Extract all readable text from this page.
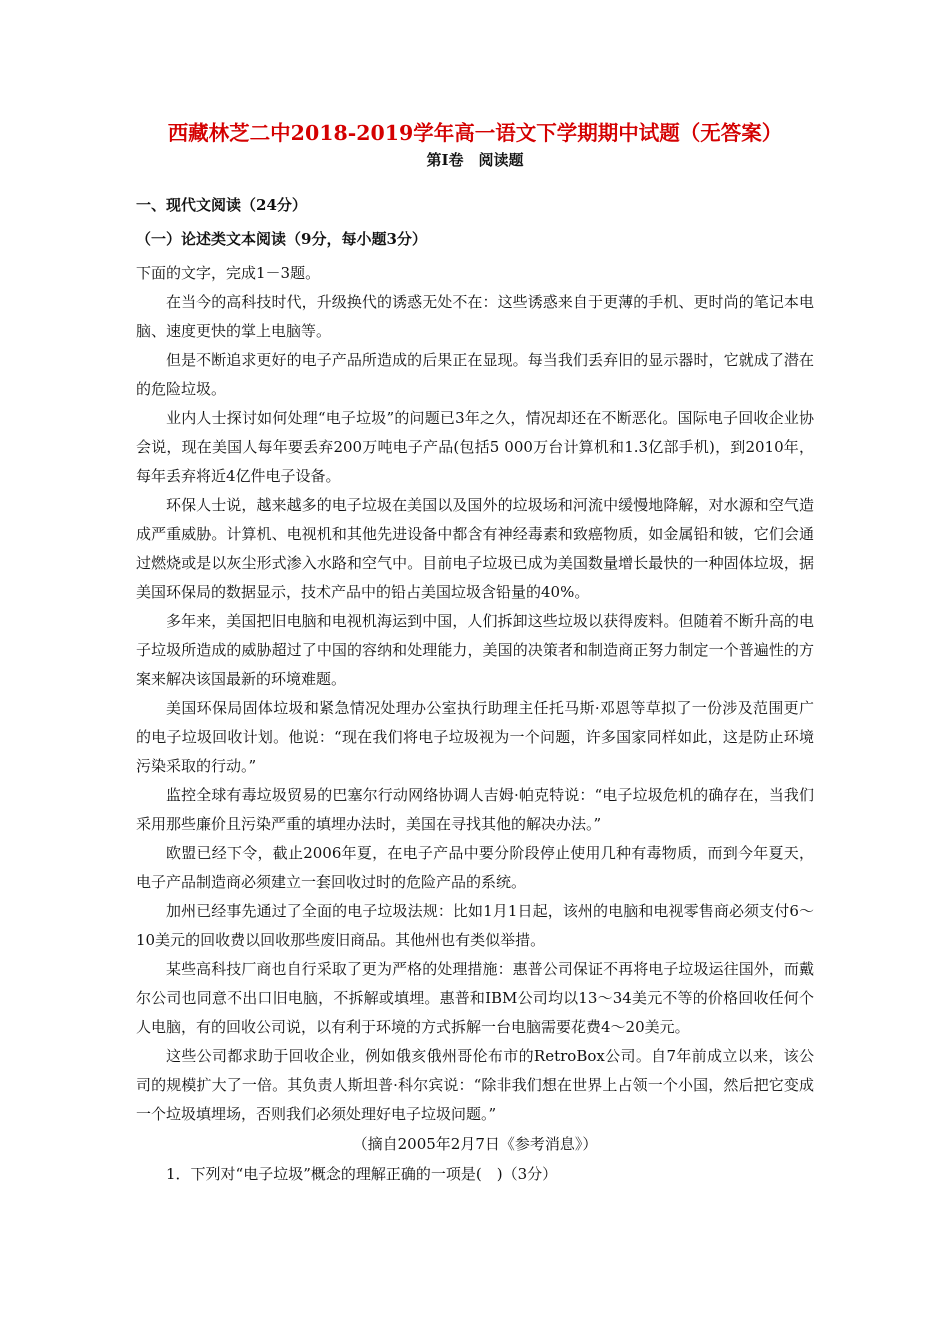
西藏林芝二中2018-2019学年高一语文下学期期中试题（无答案）
第Ⅰ卷　阅读题
一、现代文阅读（24分）
（一）论述类文本阅读（9分，每小题3分）
下面的文字，完成1－3题。

在当今的高科技时代，升级换代的诱惑无处不在：这些诱惑来自于更薄的手机、更时尚的笔记本电脑、速度更快的掌上电脑等。

但是不断追求更好的电子产品所造成的后果正在显现。每当我们丢弃旧的显示器时，它就成了潜在的危险垃圾。

业内人士探讨如何处理“电子垃圾”的问题已3年之久，情况却还在不断恶化。国际电子回收企业协会说，现在美国人每年要丢弃200万吨电子产品(包括5 000万台计算机和1.3亿部手机)，到2010年，每年丢弃将近4亿件电子设备。

环保人士说，越来越多的电子垃圾在美国以及国外的垃圾场和河流中缓慢地降解，对水源和空气造成严重威胁。计算机、电视机和其他先进设备中都含有神经毒素和致癌物质，如金属铅和铍，它们会通过燃烧或是以灰尘形式渗入水路和空气中。目前电子垃圾已成为美国数量增长最快的一种固体垃圾，据美国环保局的数据显示，技术产品中的铅占美国垃圾含铅量的40%。

多年来，美国把旧电脑和电视机海运到中国，人们拆卸这些垃圾以获得废料。但随着不断升高的电子垃圾所造成的威胁超过了中国的容纳和处理能力，美国的决策者和制造商正努力制定一个普遍性的方案来解决该国最新的环境难题。

美国环保局固体垃圾和紧急情况处理办公室执行助理主任托马斯·邓恩等草拟了一份涉及范围更广的电子垃圾回收计划。他说：“现在我们将电子垃圾视为一个问题，许多国家同样如此，这是防止环境污染采取的行动。”

监控全球有毒垃圾贸易的巴塞尔行动网络协调人吉姆·帕克特说：“电子垃圾危机的确存在，当我们采用那些廉价且污染严重的填埋办法时，美国在寻找其他的解决办法。”

欧盟已经下令，截止2006年夏，在电子产品中要分阶段停止使用几种有毒物质，而到今年夏天，电子产品制造商必须建立一套回收过时的危险产品的系统。

加州已经事先通过了全面的电子垃圾法规：比如1月1日起，该州的电脑和电视零售商必须支付6～10美元的回收费以回收那些废旧商品。其他州也有类似举措。

某些高科技厂商也自行采取了更为严格的处理措施：惠普公司保证不再将电子垃圾运往国外，而戴尔公司也同意不出口旧电脑，不拆解或填埋。惠普和IBM公司均以13～34美元不等的价格回收任何个人电脑，有的回收公司说，以有利于环境的方式拆解一台电脑需要花费4～20美元。

这些公司都求助于回收企业，例如俄亥俄州哥伦布市的RetroBox公司。自7年前成立以来，该公司的规模扩大了一倍。其负责人斯坦普·科尔宾说：“除非我们想在世界上占领一个小国，然后把它变成一个垃圾填埋场，否则我们必须处理好电子垃圾问题。”

（摘自2005年2月7日《参考消息》）
1．下列对“电子垃圾”概念的理解正确的一项是(　)（3分）
